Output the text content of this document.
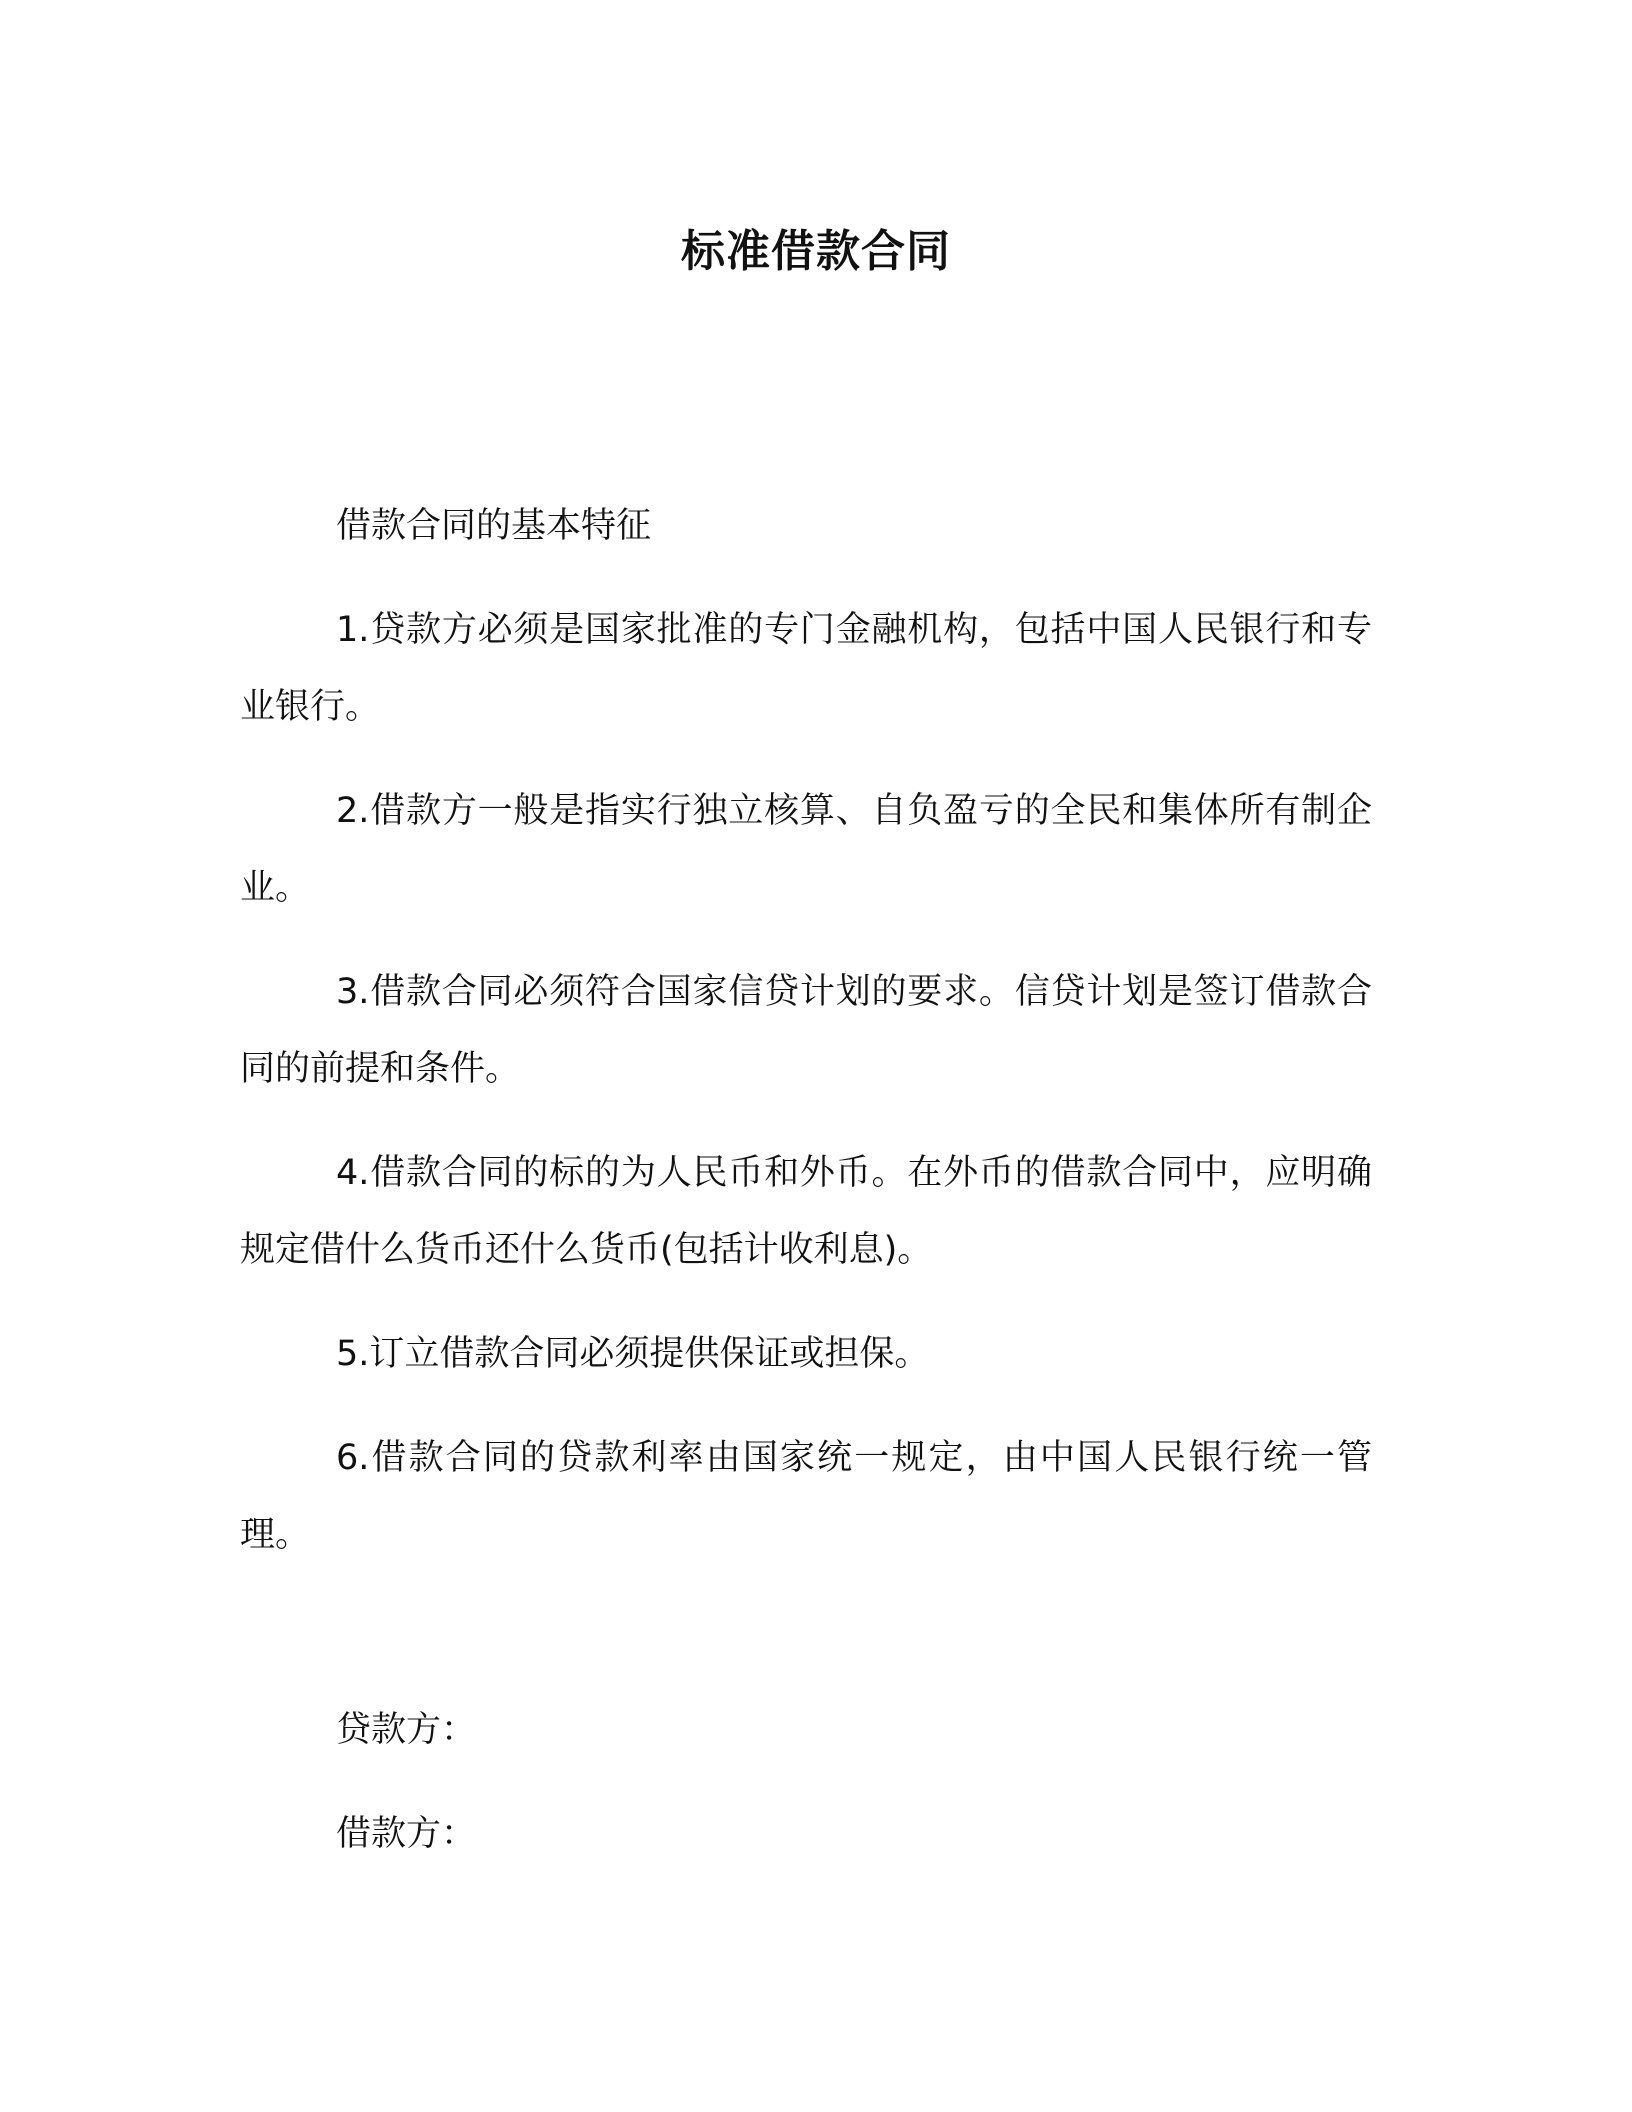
标准借款合同

借款合同的基本特征

1.贷款方必须是国家批准的专门金融机构，包括中国人民银行和专业银行。

2.借款方一般是指实行独立核算、自负盈亏的全民和集体所有制企业。

3.借款合同必须符合国家信贷计划的要求。信贷计划是签订借款合同的前提和条件。

4.借款合同的标的为人民币和外币。在外币的借款合同中，应明确规定借什么货币还什么货币(包括计收利息)。

5.订立借款合同必须提供保证或担保。

6.借款合同的贷款利率由国家统一规定，由中国人民银行统一管理。

贷款方：
借款方：
